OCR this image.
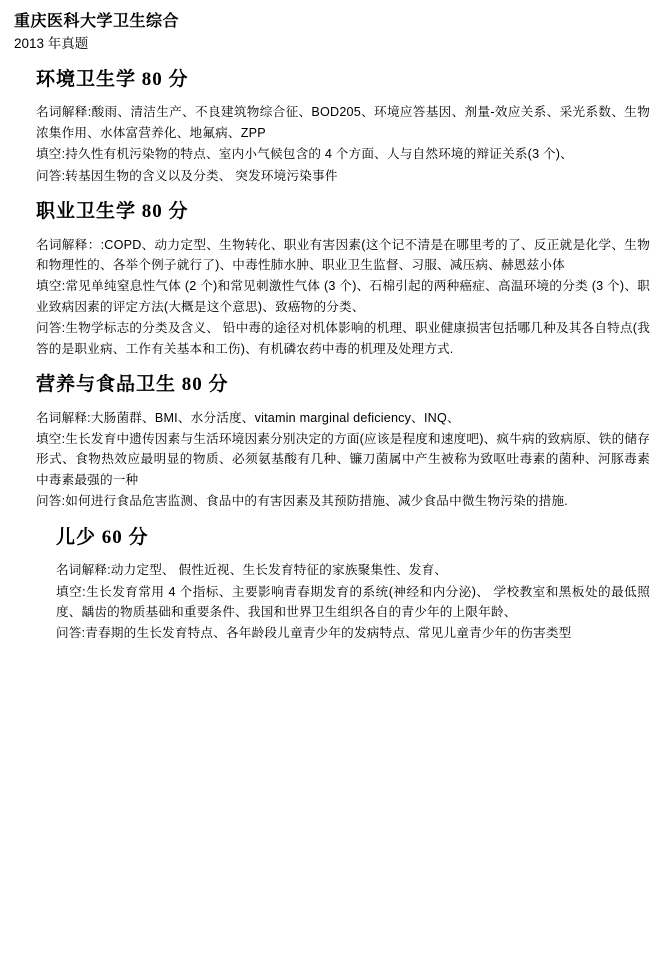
重庆医科大学卫生综合
2013 年真题
环境卫生学 80 分

名词解释:酸雨、清洁生产、不良建筑物综合征、BOD205、环境应答基因、剂量-效应关系、采光系数、生物浓集作用、水体富营养化、地氟病、ZPP

填空:持久性有机污染物的特点、室内小气候包含的 4 个方面、人与自然环境的辩证关系(3 个)、

问答:转基因生物的含义以及分类、 突发环境污染事件

职业卫生学 80 分

名词解释：:COPD、动力定型、生物转化、职业有害因素(这个记不清是在哪里考的了、反正就是化学、生物和物理性的、各举个例子就行了)、中毒性肺水肿、职业卫生监督、习服、减压病、赫恩兹小体

填空:常见单纯窒息性气体 (2 个)和常见刺激性气体 (3 个)、石棉引起的两种癌症、高温环境的分类 (3 个)、职业致病因素的评定方法(大概是这个意思)、致癌物的分类、

问答:生物学标志的分类及含义、 铅中毒的途径对机体影响的机理、职业健康损害包括哪几种及其各自特点(我答的是职业病、工作有关基本和工伤)、有机磷农药中毒的机理及处理方式.

营养与食品卫生 80 分

名词解释:大肠菌群、BMI、水分活度、vitamin marginal deficiency、INQ、

填空:生长发育中遗传因素与生活环境因素分别决定的方面(应该是程度和速度吧)、疯牛病的致病原、铁的储存形式、食物热效应最明显的物质、必须氨基酸有几种、镰刀菌属中产生被称为致呕吐毒素的菌种、河豚毒素中毒素最强的一种

问答:如何进行食品危害监测、食品中的有害因素及其预防措施、减少食品中微生物污染的措施.

儿少 60 分

名词解释:动力定型、 假性近视、生长发育特征的家族聚集性、发育、

填空:生长发育常用 4 个指标、主要影响青春期发育的系统(神经和内分泌)、 学校教室和黑板处的最低照度、龋齿的物质基础和重要条件、我国和世界卫生组织各自的青少年的上限年龄、

问答:青春期的生长发育特点、各年龄段儿童青少年的发病特点、常见儿童青少年的伤害类型
